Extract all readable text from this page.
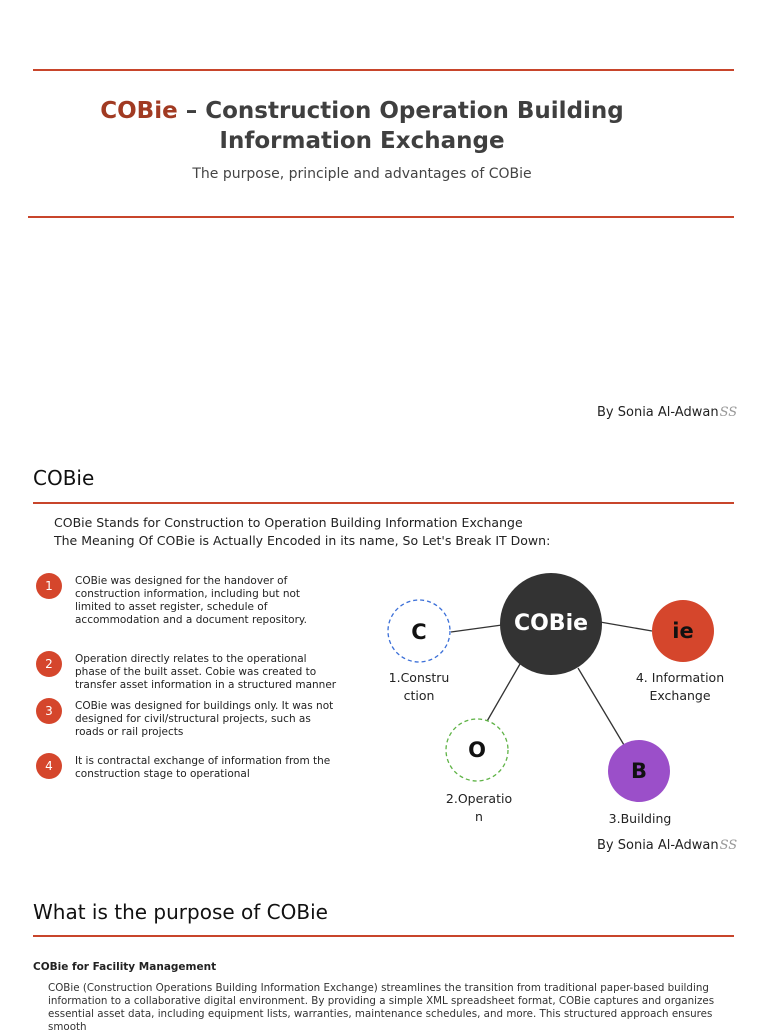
COBie – Construction Operation Building Information Exchange
The purpose, principle and advantages of COBie
By Sonia Al-AdwanSS
COBie
COBie Stands for Construction to Operation Building Information Exchange
The Meaning Of COBie is Actually Encoded in its name, So Let's Break IT Down:
1	COBie was designed for the handover of construction information, including but not limited to asset register, schedule of accommodation and a document repository.
2	Operation directly relates to the operational phase of the built asset. Cobie was created to transfer asset information in a structured manner
3	COBie was designed for buildings only. It was not designed for civil/structural projects, such as roads or rail projects
4	It is contractal exchange of information from the construction stage to operational
COBie
C
1.Constru
ction
ie
4. Information
Exchange
O
2.Operatio
n
B
3.Building
By Sonia Al-AdwanSS
What is the purpose of COBie
COBie for Facility Management
COBie (Construction Operations Building Information Exchange) streamlines the transition from traditional paper-based building information to a collaborative digital environment. By providing a simple XML spreadsheet format, COBie captures and organizes essential asset data, including equipment lists, warranties, maintenance schedules, and more. This structured approach ensures smooth
